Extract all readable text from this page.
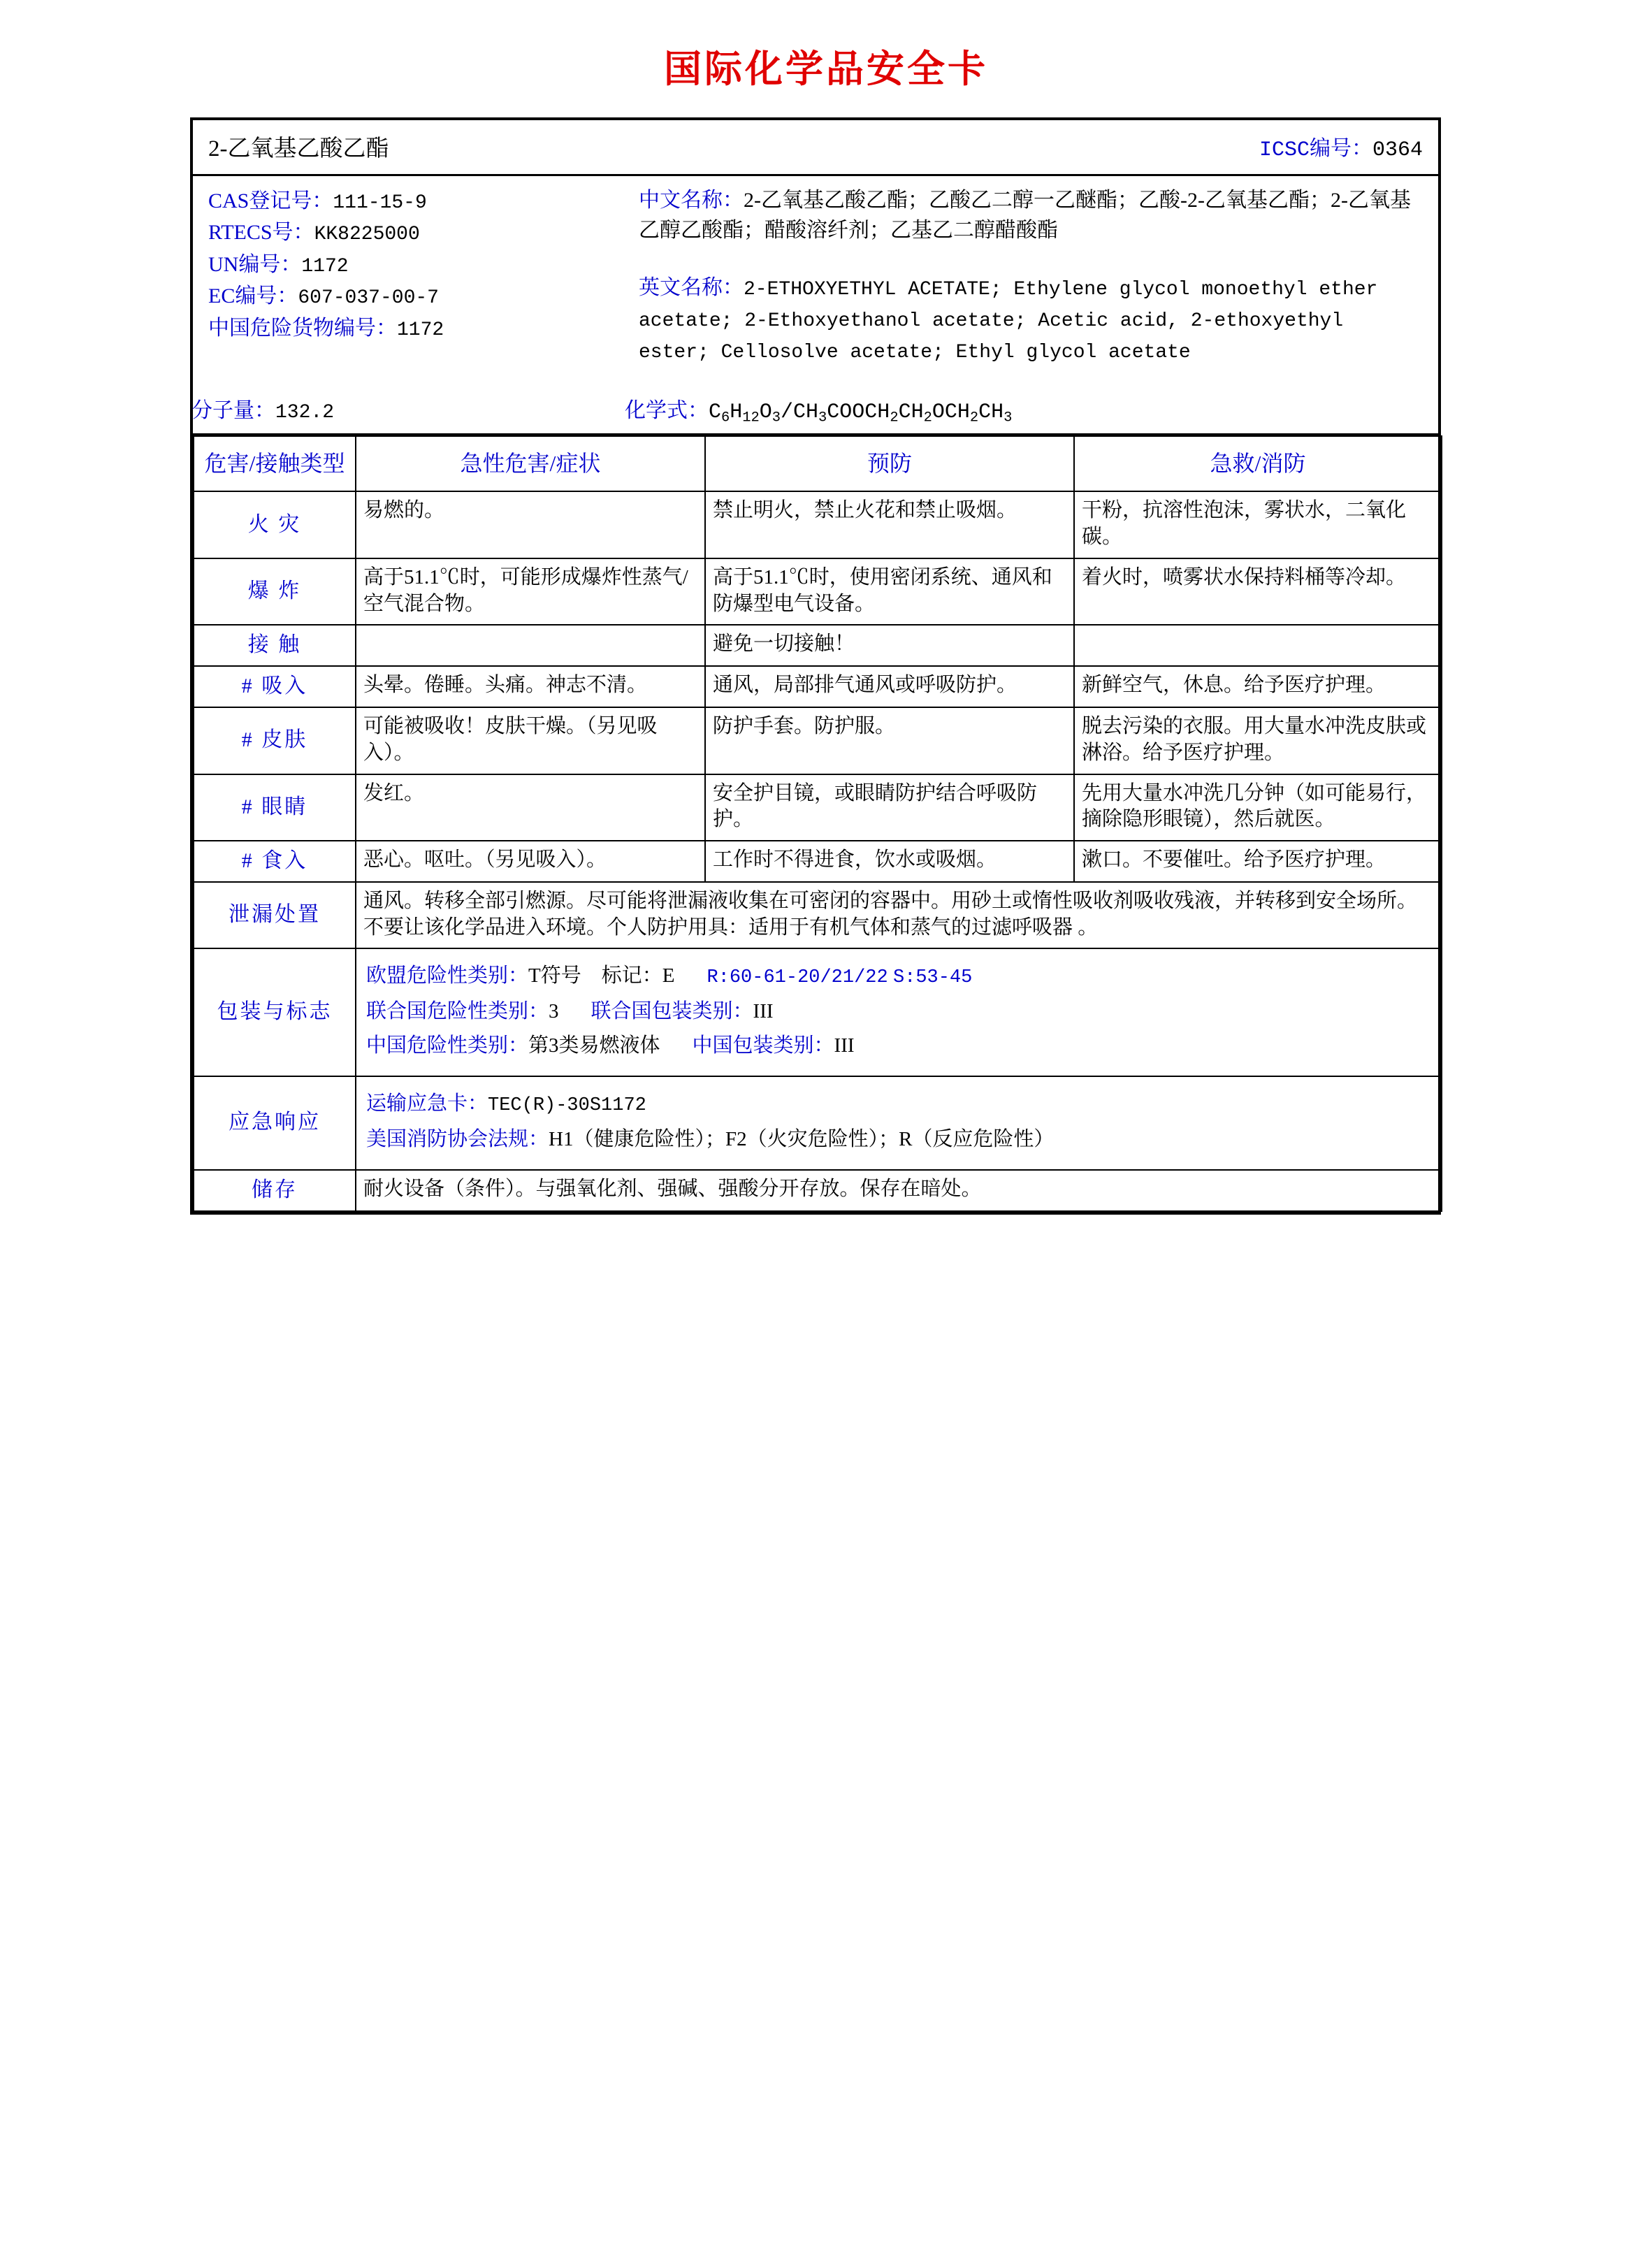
国际化学品安全卡
2-乙氧基乙酸乙酯	ICSC编号：0364
CAS登记号：111-15-9
RTECS号：KK8225000
UN编号：1172
EC编号：607-037-00-7
中国危险货物编号：1172
中文名称：2-乙氧基乙酸乙酯；乙酸乙二醇一乙醚酯；乙酸-2-乙氧基乙酯；2-乙氧基乙醇乙酸酯；醋酸溶纤剂；乙基乙二醇醋酸酯
英文名称：2-ETHOXYETHYL ACETATE; Ethylene glycol monoethyl ether acetate; 2-Ethoxyethanol acetate; Acetic acid, 2-ethoxyethyl ester; Cellosolve acetate; Ethyl glycol acetate
分子量：132.2	化学式：$C_6H_{12}O_3/CH_3COOCH_2CH_2OCH_2CH_3$
危害/接触类型	急性危害/症状	预防	急救/消防
火 灾	易燃的。	禁止明火，禁止火花和禁止吸烟。	干粉，抗溶性泡沫，雾状水，二氧化碳。
爆 炸	高于51.1℃时，可能形成爆炸性蒸气/空气混合物。	高于51.1℃时，使用密闭系统、通风和防爆型电气设备。	着火时，喷雾状水保持料桶等冷却。
接 触		避免一切接触！	
# 吸入	头晕。倦睡。头痛。神志不清。	通风，局部排气通风或呼吸防护。	新鲜空气，休息。给予医疗护理。
# 皮肤	可能被吸收！皮肤干燥。（另见吸入）。	防护手套。防护服。	脱去污染的衣服。用大量水冲洗皮肤或淋浴。给予医疗护理。
# 眼睛	发红。	安全护目镜，或眼睛防护结合呼吸防护。	先用大量水冲洗几分钟（如可能易行，摘除隐形眼镜），然后就医。
# 食入	恶心。呕吐。（另见吸入）。	工作时不得进食，饮水或吸烟。	漱口。不要催吐。给予医疗护理。
泄漏处置	通风。转移全部引燃源。尽可能将泄漏液收集在可密闭的容器中。用砂土或惰性吸收剂吸收残液，并转移到安全场所。不要让该化学品进入环境。个人防护用具：适用于有机气体和蒸气的过滤呼吸器 。		
包装与标志	欧盟危险性类别：T符号　标记：E R:60-61-20/21/22 S:53-45
联合国危险性类别：3 联合国包装类别：III
中国危险性类别：第3类易燃液体 中国包装类别：III		

应急响应	运输应急卡：TEC(R)-30S1172
美国消防协会法规：H1（健康危险性）；F2（火灾危险性）；R（反应危险性）		

储存	耐火设备（条件）。与强氧化剂、强碱、强酸分开存放。保存在暗处。		
